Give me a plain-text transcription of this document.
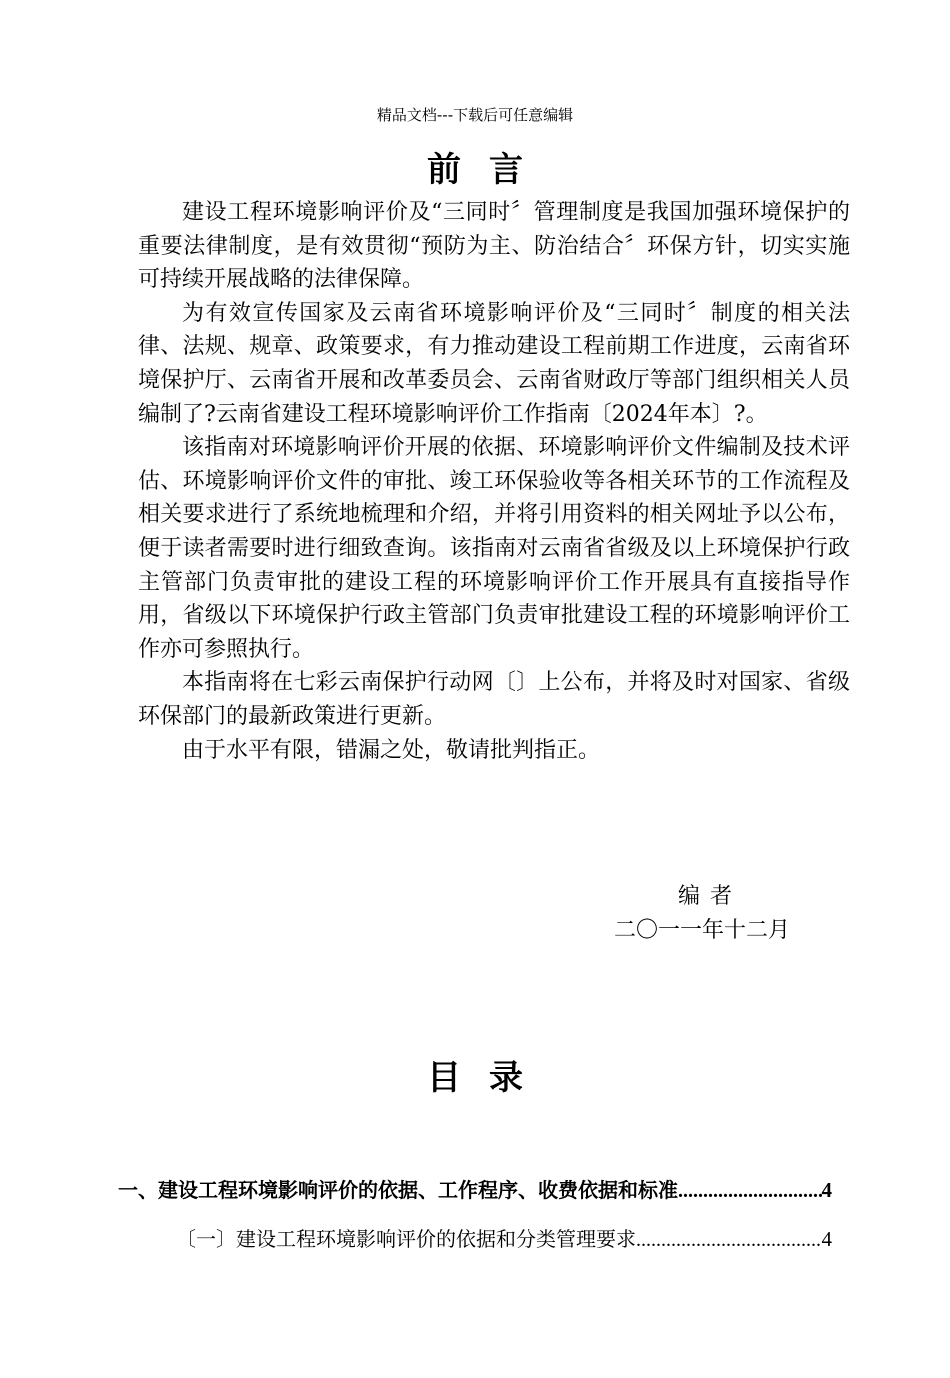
精品文档---下载后可任意编辑
前言

建设工程环境影响评价及“三同时〞管理制度是我国加强环境保护的重要法律制度，是有效贯彻“预防为主、防治结合〞环保方针，切实实施可持续开展战略的法律保障。

为有效宣传国家及云南省环境影响评价及“三同时〞制度的相关法律、法规、规章、政策要求，有力推动建设工程前期工作进度，云南省环境保护厅、云南省开展和改革委员会、云南省财政厅等部门组织相关人员编制了?云南省建设工程环境影响评价工作指南〔2024年本〕?。

该指南对环境影响评价开展的依据、环境影响评价文件编制及技术评估、环境影响评价文件的审批、竣工环保验收等各相关环节的工作流程及相关要求进行了系统地梳理和介绍，并将引用资料的相关网址予以公布，便于读者需要时进行细致查询。该指南对云南省省级及以上环境保护行政主管部门负责审批的建设工程的环境影响评价工作开展具有直接指导作用，省级以下环境保护行政主管部门负责审批建设工程的环境影响评价工作亦可参照执行。

本指南将在七彩云南保护行动网〔〕上公布，并将及时对国家、省级环保部门的最新政策进行更新。

由于水平有限，错漏之处，敬请批判指正。

编者
二〇一一年十二月
目录
一、建设工程环境影响评价的依据、工作程序、收费依据和标准 .....	4
〔一〕建设工程环境影响评价的依据和分类管理要求 .....	4
